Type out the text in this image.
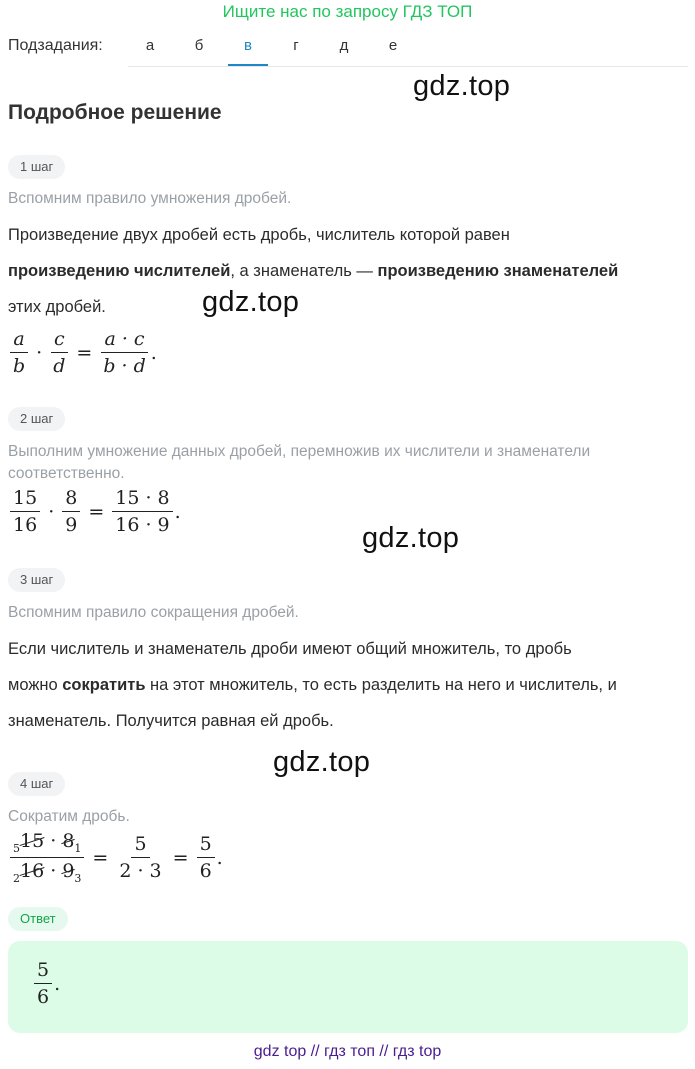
Ищите нас по запросу ГДЗ ТОП
Подзадания:	а	б	в	г	д	е
gdz.top
Подробное решение
1 шаг
Вспомним правило умножения дробей.
Произведение двух дробей есть дробь, числитель которой равен
произведению числителей, а знаменатель — произведению знаменателей
этих дробей.	gdz.top
$\frac{a}{b} \cdot \frac{c}{d} = \frac{a \cdot c}{b \cdot d}$ .
2 шаг
Выполним умножение данных дробей, перемножив их числители и знаменатели соответственно.
$\frac{15}{16} \cdot \frac{8}{9} = \frac{15 \cdot 8}{16 \cdot 9}$ .
gdz.top
3 шаг
Вспомним правило сокращения дробей.
Если числитель и знаменатель дроби имеют общий множитель, то дробь
можно сократить на этот множитель, то есть разделить на него и числитель, и
знаменатель. Получится равная ей дробь.
gdz.top
4 шаг
Сократим дробь.
$\frac{_515 \cdot 8_1}{_216 \cdot 9_3} = \frac{5}{2 \cdot 3} = \frac{5}{6}$ .
Ответ
$\frac{5}{6}$ .
gdz top // гдз топ // гдз top
